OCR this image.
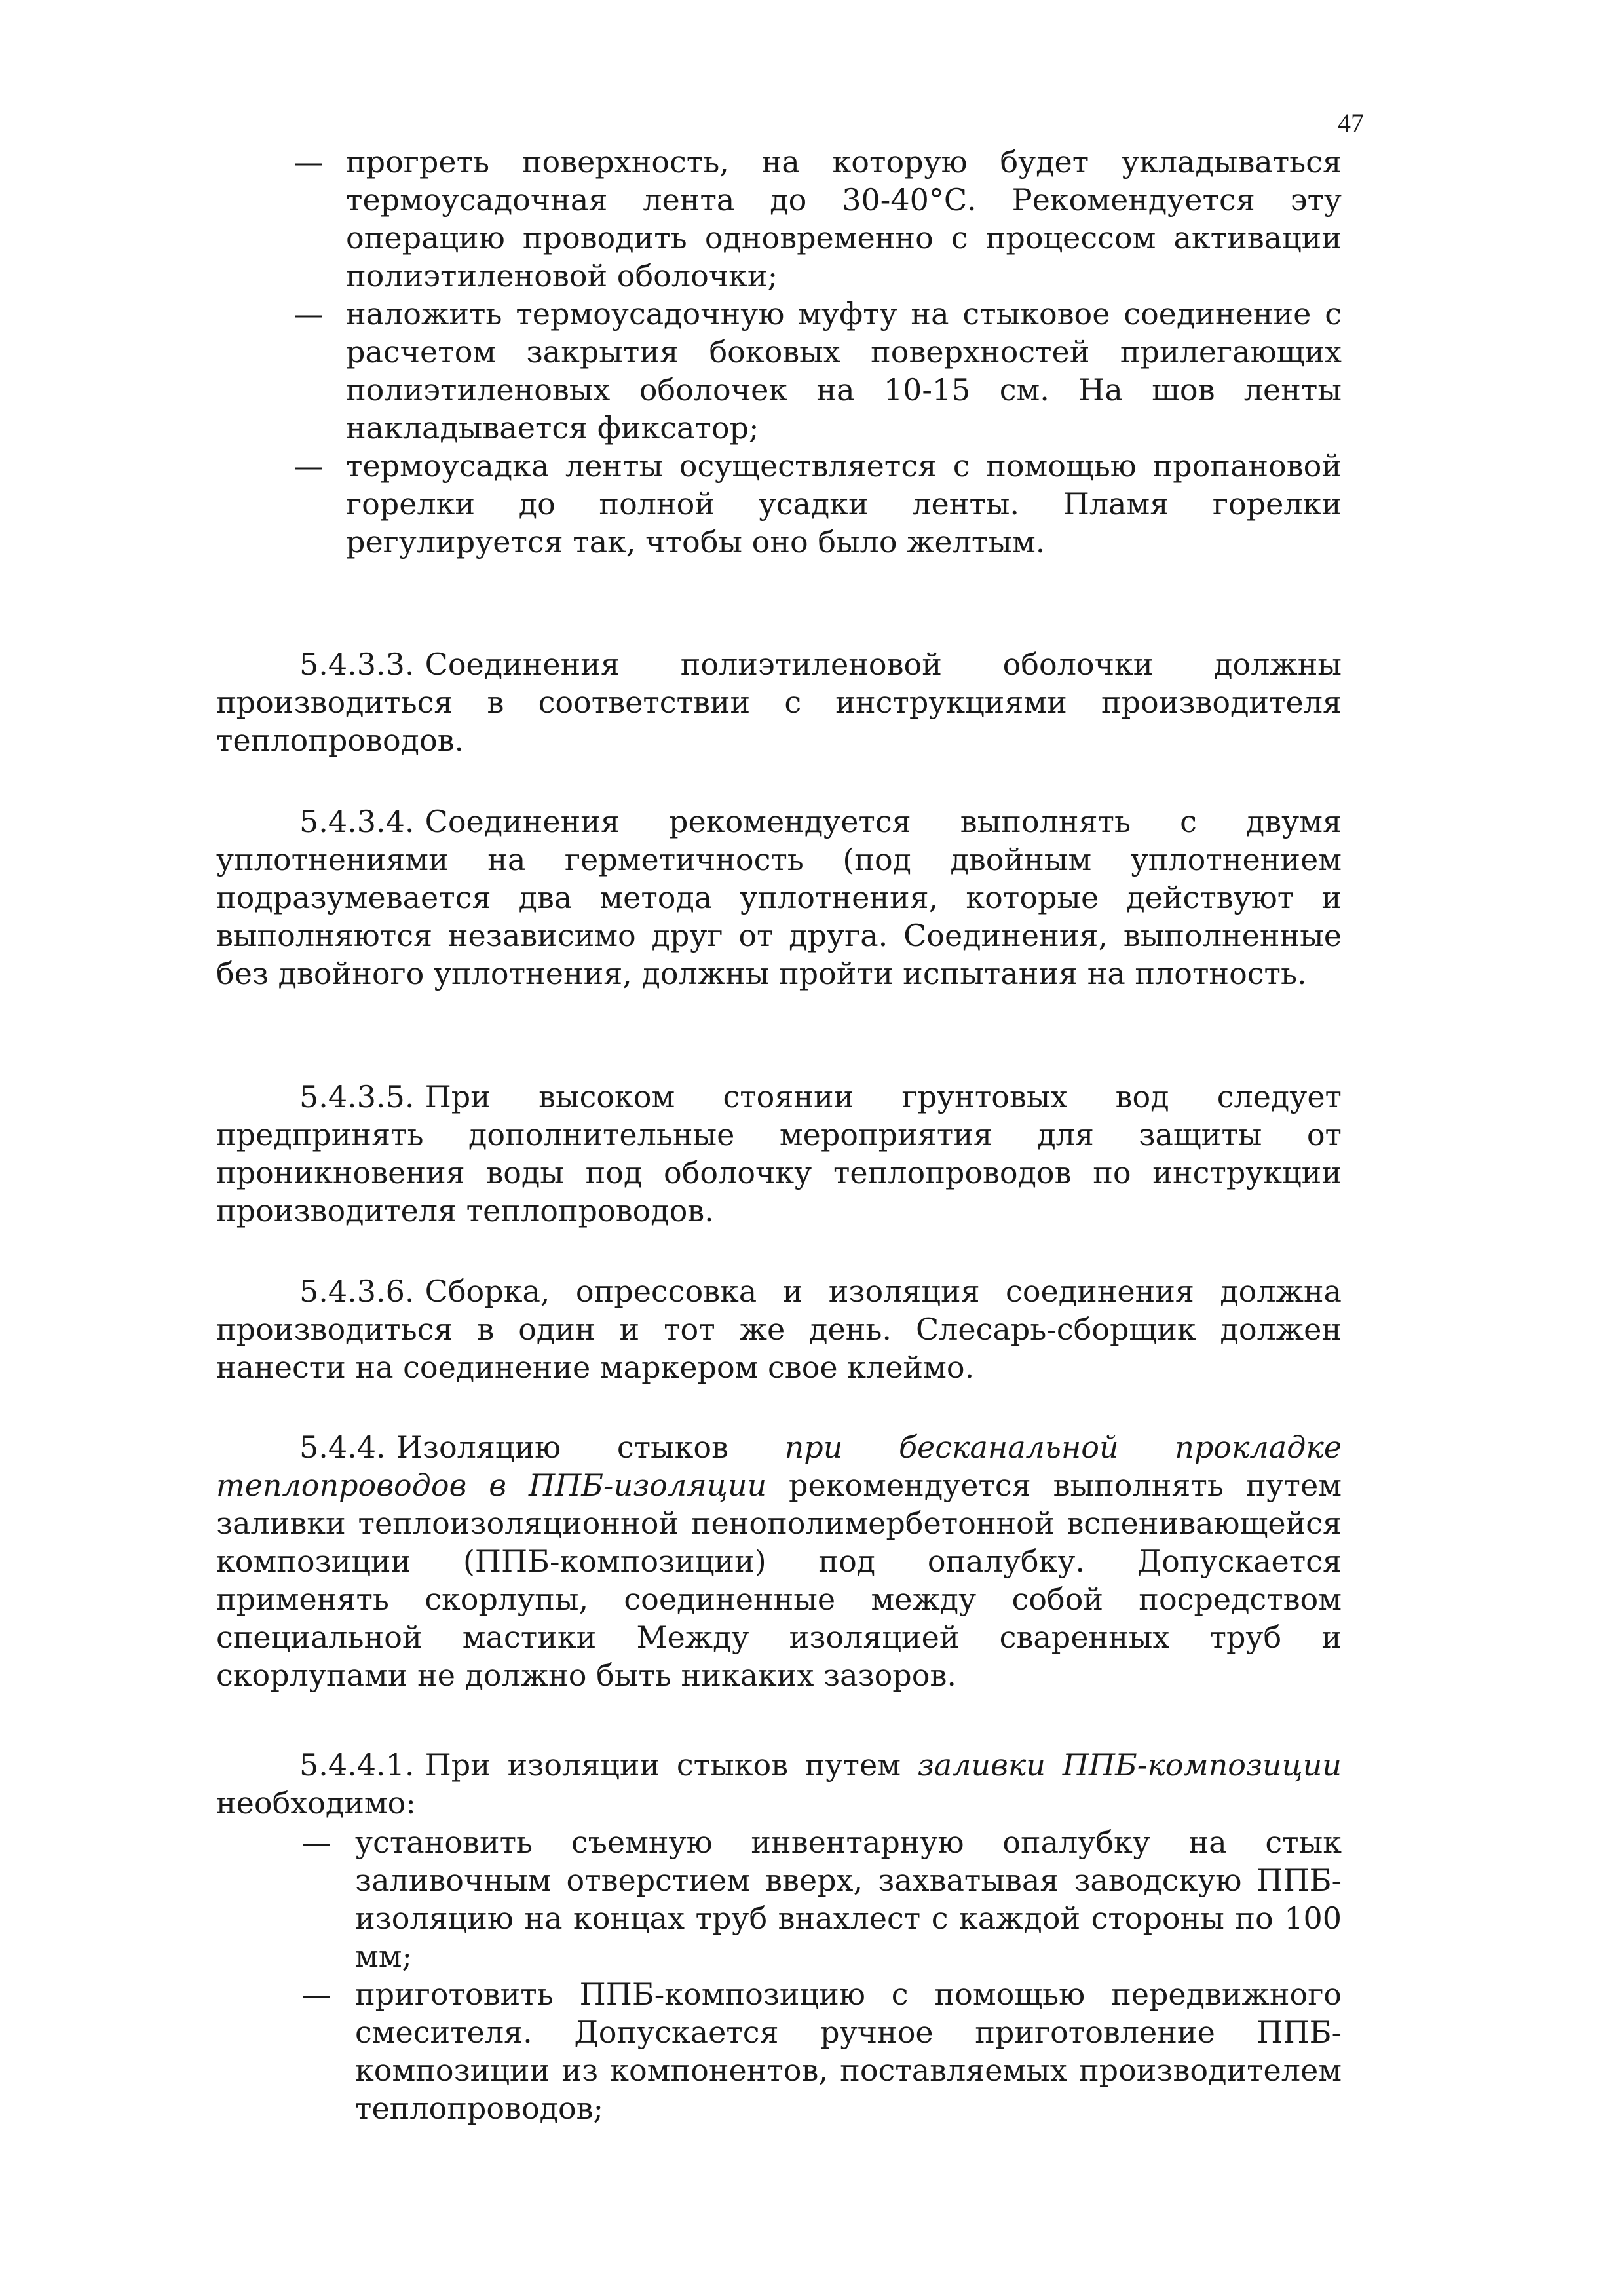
47
— прогреть поверхность, на которую будет укладываться термоусадочная лента до 30-40°С. Рекомендуется эту операцию проводить одновременно с процессом активации полиэтиленовой оболочки;
— наложить термоусадочную муфту на стыковое соединение с расчетом закрытия боковых поверхностей прилегающих полиэтиленовых оболочек на 10-15 см. На шов ленты накладывается фиксатор;
— термоусадка ленты осуществляется с помощью пропановой горелки до полной усадки ленты. Пламя горелки регулируется так, чтобы оно было желтым.
5.4.3.3. Соединения полиэтиленовой оболочки должны производиться в соответствии с инструкциями производителя теплопроводов.
5.4.3.4. Соединения рекомендуется выполнять с двумя уплотнениями на герметичность (под двойным уплотнением подразумевается два метода уплотнения, которые действуют и выполняются независимо друг от друга. Соединения, выполненные без двойного уплотнения, должны пройти испытания на плотность.
5.4.3.5. При высоком стоянии грунтовых вод следует предпринять дополнительные мероприятия для защиты от проникновения воды под оболочку теплопроводов по инструкции производителя теплопроводов.
5.4.3.6. Сборка, опрессовка и изоляция соединения должна производиться в один и тот же день. Слесарь-сборщик должен нанести на соединение маркером свое клеймо.
5.4.4. Изоляцию стыков при бесканальной прокладке теплопроводов в ППБ-изоляции рекомендуется выполнять путем заливки теплоизоляционной пенополимербетонной вспенивающейся композиции (ППБ-композиции) под опалубку. Допускается применять скорлупы, соединенные между собой посредством специальной мастики Между изоляцией сваренных труб и скорлупами не должно быть никаких зазоров.
5.4.4.1. При изоляции стыков путем заливки ППБ-композиции необходимо:
— установить съемную инвентарную опалубку на стык заливочным отверстием вверх, захватывая заводскую ППБ-изоляцию на концах труб внахлест с каждой стороны по 100 мм;
— приготовить ППБ-композицию с помощью передвижного смесителя. Допускается ручное приготовление ППБ-композиции из компонентов, поставляемых производителем теплопроводов;
